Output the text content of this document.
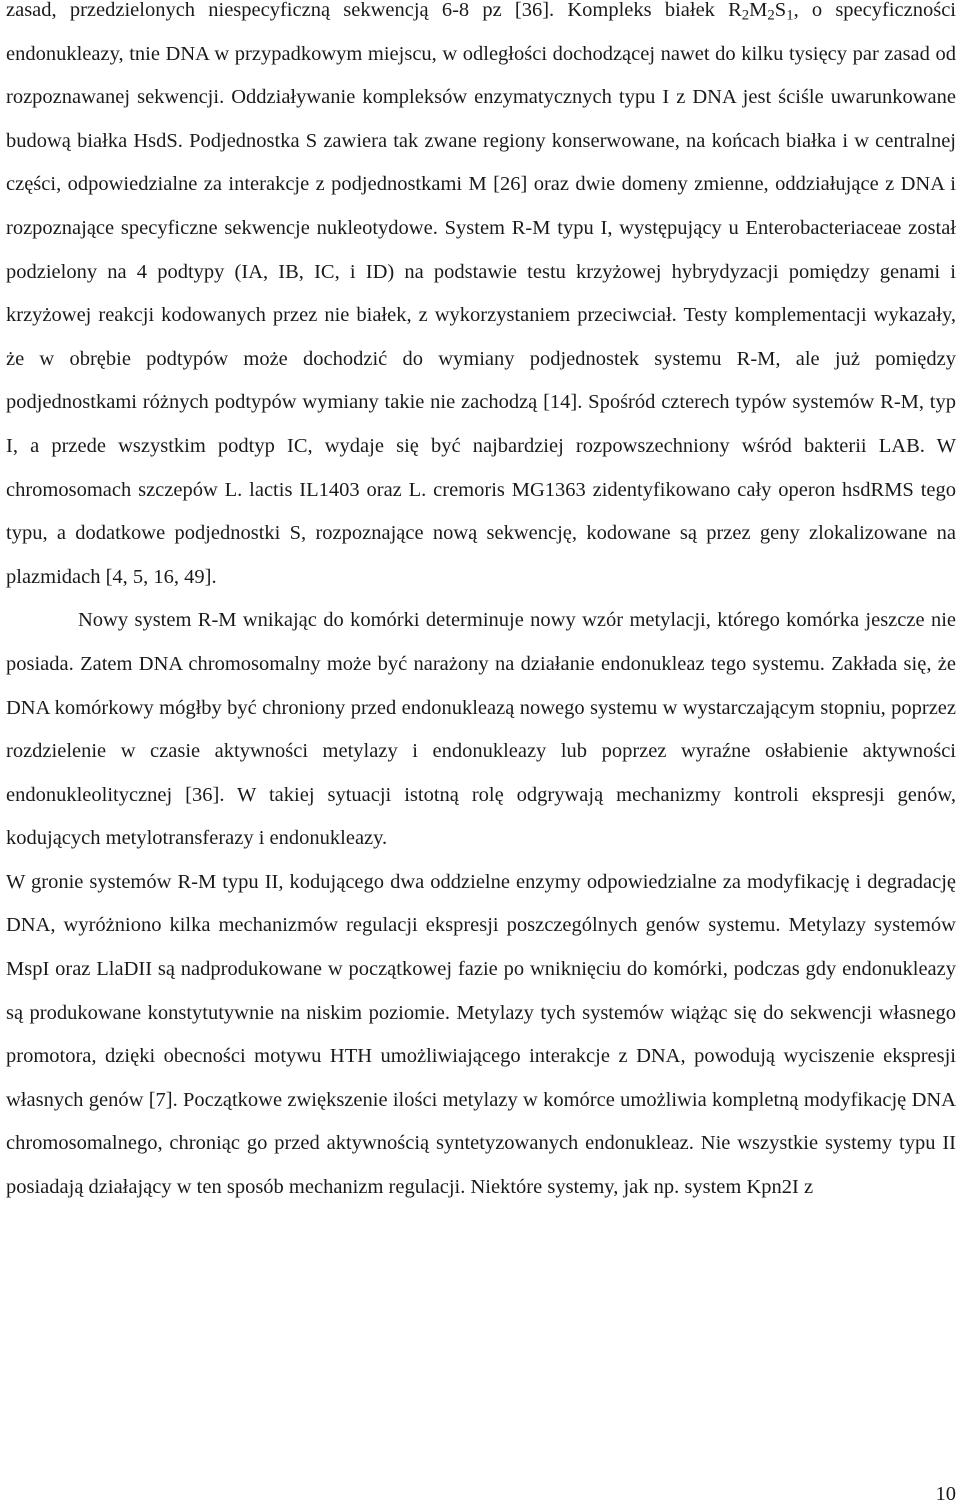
zasad, przedzielonych niespecyficzną sekwencją 6-8 pz [36]. Kompleks białek $R_2M_2S_1$, o specyficzności endonukleazy, tnie DNA w przypadkowym miejscu, w odległości dochodzącej nawet do kilku tysięcy par zasad od rozpoznawanej sekwencji. Oddziaływanie kompleksów enzymatycznych typu I z DNA jest ściśle uwarunkowane budową białka HsdS. Podjednostka S zawiera tak zwane regiony konserwowane, na końcach białka i w centralnej części, odpowiedzialne za interakcje z podjednostkami M [26] oraz dwie domeny zmienne, oddziałujące z DNA i rozpoznające specyficzne sekwencje nukleotydowe. System R-M typu I, występujący u Enterobacteriaceae został podzielony na 4 podtypy (IA, IB, IC, i ID) na podstawie testu krzyżowej hybrydyzacji pomiędzy genami i krzyżowej reakcji kodowanych przez nie białek, z wykorzystaniem przeciwciał. Testy komplementacji wykazały, że w obrębie podtypów może dochodzić do wymiany podjednostek systemu R-M, ale już pomiędzy podjednostkami różnych podtypów wymiany takie nie zachodzą [14]. Spośród czterech typów systemów R-M, typ I, a przede wszystkim podtyp IC, wydaje się być najbardziej rozpowszechniony wśród bakterii LAB. W chromosomach szczepów L. lactis IL1403 oraz L. cremoris MG1363 zidentyfikowano cały operon hsdRMS tego typu, a dodatkowe podjednostki S, rozpoznające nową sekwencję, kodowane są przez geny zlokalizowane na plazmidach [4, 5, 16, 49].

Nowy system R-M wnikając do komórki determinuje nowy wzór metylacji, którego komórka jeszcze nie posiada. Zatem DNA chromosomalny może być narażony na działanie endonukleaz tego systemu. Zakłada się, że DNA komórkowy mógłby być chroniony przed endonukleazą nowego systemu w wystarczającym stopniu, poprzez rozdzielenie w czasie aktywności metylazy i endonukleazy lub poprzez wyraźne osłabienie aktywności endonukleolitycznej [36]. W takiej sytuacji istotną rolę odgrywają mechanizmy kontroli ekspresji genów, kodujących metylotransferazy i endonukleazy.

W gronie systemów R-M typu II, kodującego dwa oddzielne enzymy odpowiedzialne za modyfikację i degradację DNA, wyróżniono kilka mechanizmów regulacji ekspresji poszczególnych genów systemu. Metylazy systemów MspI oraz LlaDII są nadprodukowane w początkowej fazie po wniknięciu do komórki, podczas gdy endonukleazy są produkowane konstytutywnie na niskim poziomie. Metylazy tych systemów wiążąc się do sekwencji własnego promotora, dzięki obecności motywu HTH umożliwiającego interakcje z DNA, powodują wyciszenie ekspresji własnych genów [7]. Początkowe zwiększenie ilości metylazy w komórce umożliwia kompletną modyfikację DNA chromosomalnego, chroniąc go przed aktywnością syntetyzowanych endonukleaz. Nie wszystkie systemy typu II posiadają działający w ten sposób mechanizm regulacji. Niektóre systemy, jak np. system Kpn2I z

10
